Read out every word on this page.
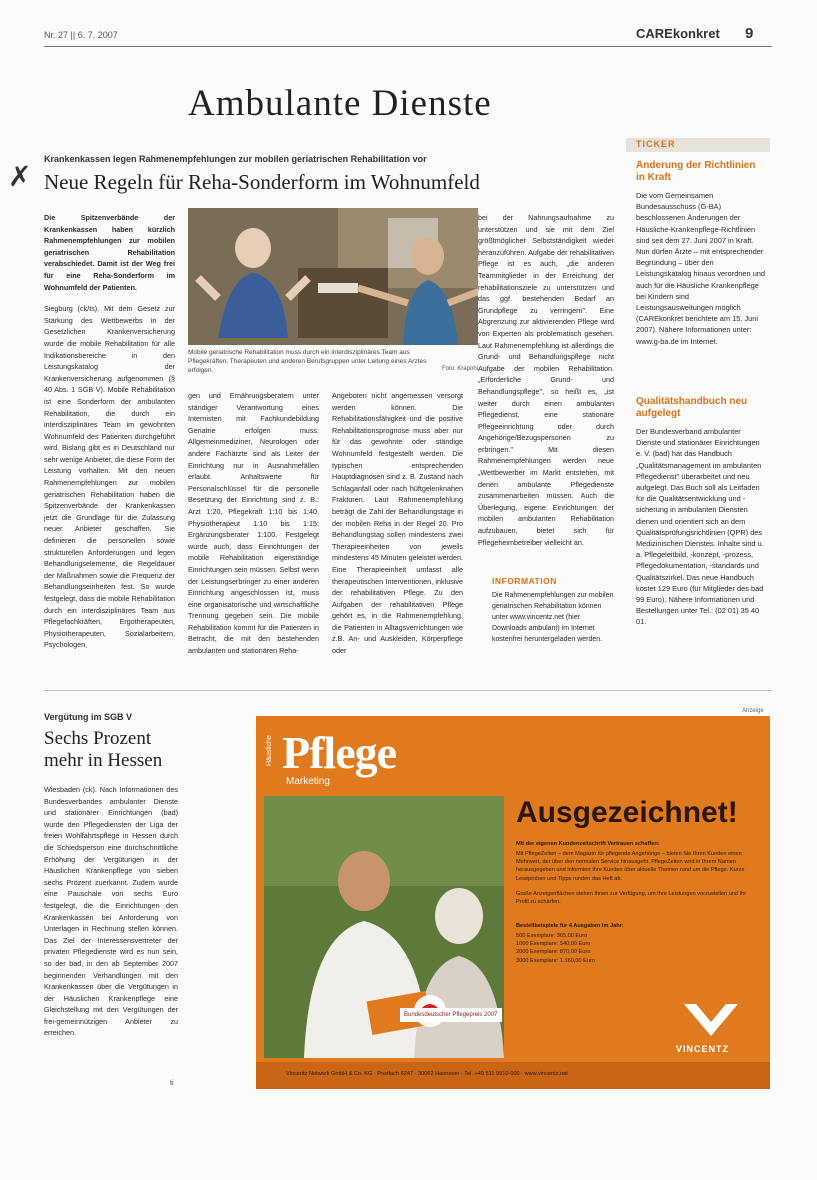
Nr. 27 || 6. 7. 2007	CAREkonkret 9
Ambulante Dienste
TICKER
Änderung der Richtlinien in Kraft
Die vom Gemeinsamen Bundesausschuss (G-BA) beschlossenen Änderungen der Häusliche-Krankenpflege-Richtlinien sind seit dem 27. Juni 2007 in Kraft. Nun dürfen Ärzte – mit entsprechender Begründung – über den Leistungskatalog hinaus verordnen und auch für die Häusliche Krankenpflege bei Kindern sind Leistungsausweitungen möglich (CAREkonkret berichtete am 15. Juni 2007). Nähere Informationen unter: www.g-ba.de im Internet.
Qualitätshandbuch neu aufgelegt
Der Bundesverband ambulanter Dienste und stationärer Einrichtungen e. V. (bad) hat das Handbuch „Qualitätsmanagement im ambulanten Pflegedienst" überarbeitet und neu aufgelegt. Das Buch soll als Leitfaden für die Qualitätsentwicklung und -sicherung in ambulanten Diensten dienen und orientiert sich an dem Qualitätsprüfungsrichtlinien (QPR) des Medizinischen Dienstes. Inhalte sind u. a. Pflegeleitbild, -konzept, -prozess, Pflegedokumentation, -standards und Qualitätszirkel. Das neue Handbuch kostet 129 Euro (für Mitglieder des bad 99 Euro). Nähere Informationen und Bestellungen unter Tel.: (02 01) 35 40 01.
✗
Krankenkassen legen Rahmenempfehlungen zur mobilen geriatrischen Rehabilitation vor
Neue Regeln für Reha-Sonderform im Wohnumfeld

Die Spitzenverbände der Krankenkassen haben kürzlich Rahmenempfehlungen zur mobilen geriatrischen Rehabilitation verabschiedet. Damit ist der Weg frei für eine Reha-Sonderform im Wohnumfeld der Patienten.

Siegburg (ck/ts). Mit dem Gesetz zur Stärkung des Wettbewerbs in der Gesetzlichen Krankenversicherung wurde die mobile Rehabilitation für alle Indikationsbereiche in den Leistungskatalog der Krankenversicherung aufgenommen (§ 40 Abs. 1 SGB V). Mobile Rehabilitation ist eine Sonderform der ambulanten Rehabilitation, die durch ein interdisziplinäres Team im gewohnten Wohnumfeld des Patienten durchgeführt wird. Bislang gibt es in Deutschland nur sehr wenige Anbieter, die diese Form der Leistung vorhalten. Mit den neuen Rahmenempfehlungen zur mobilen geriatrischen Rehabilitation haben die Spitzenverbände der Krankenkassen jetzt die Grundlage für die Zulassung neuer Anbieter geschaffen. Sie definieren die personellen sowie strukturellen Anforderungen und legen Behandlungselemente, die Regeldauer der Maßnahmen sowie die Frequenz der Behandlungseinheiten fest. So wurde festgelegt, dass die mobile Rehabilitation durch ein interdisziplinäres Team aus Pflegefachkräften, Ergotherapeuten, Physiotherapeuten, Sozialarbeitern, Psychologen,

Mobile geriatrische Rehabilitation muss durch ein interdisziplinäres Team aus Pflegekräften, Therapeuten und anderen Berufsgruppen unter Leitung eines Arztes erfolgen.	Foto: Krapohl

gen und Ernährungsberatern unter ständiger Verantwortung eines Internisten mit Fachkundebildung Geriatrie erfolgen muss. Allgemeinmediziner, Neurologen oder andere Fachärzte sind als Leiter der Einrichtung nur in Ausnahmefällen erlaubt. Anhaltswerte für Personalschlüssel für die personelle Besetzung der Einrichtung sind z. B.: Arzt 1:20, Pflegekraft 1:10 bis 1:40, Physiotherapeut 1:10 bis 1:15; Ergänzungsberater 1:100. Festgelegt wurde auch, dass Einrichtungen der mobile Rehabilitation eigenständige Einrichtungen sein müssen. Selbst wenn der Leistungserbringer zu einer anderen Einrichtung angeschlossen ist, muss eine organisatorische und wirtschaftliche Trennung gegeben sein. Die mobile Rehabilitation kommt für die Patienten in Betracht, die mit den bestehenden ambulanten und stationären Reha-

Angeboten nicht angemessen versorgt werden können. Die Rehabilitationsfähigkeit und die positive Rehabilitationsprognose muss aber nur für das gewohnte oder ständige Wohnumfeld festgestellt werden. Die typischen entsprechenden Hauptdiagnosen sind z. B. Zustand nach Schlaganfall oder nach hüftgelenknahen Frakturen. Laut Rahmenempfehlung beträgt die Zahl der Behandlungstage in der mobilen Reha in der Regel 20. Pro Behandlungstag sollen mindestens zwei Therapieeinheiten von jeweils mindestens 45 Minuten geleistet werden. Eine Therapieeinheit umfasst alle therapeutischen Interventionen, inklusive der rehabilitativen Pflege. Zu den Aufgaben der rehabilitativen Pflege gehört es, in die Rahmenempfehlung, die Patienten in Alltagsverrichtungen wie z.B. An- und Auskleiden, Körperpflege oder

bei der Nahrungsaufnahme zu unterstützen und sie mit dem Ziel größtmöglicher Selbstständigkeit wieder heranzuführen. Aufgabe der rehabilitativen Pflege ist es auch, „die anderen Teammitglieder in der Erreichung der rehabilitationsziele zu unterstützen und das ggf. bestehenden Bedarf an Grundpflege zu verringern". Eine Abgrenzung zur aktivierenden Pflege wird von Experten als problematisch gesehen. Laut Rahmenempfehlung ist allerdings die Grund- und Behandlungspflege nicht Aufgabe der mobilen Rehabilitation. „Erforderliche Grund- und Behandlungspflege", so heißt es, „ist weiter durch einen ambulanten Pflegedienst, eine stationäre Pflegeeinrichtung oder durch Angehörige/Bezugspersonen zu erbringen." Mit diesen Rahmenempfehlungen werden neue „Wettbewerber im Markt entstehen, mit denen ambulante Pflegedienste zusammenarbeiten müssen. Auch die Überlegung, eigene Einrichtungen der mobilen ambulanten Rehabilitation aufzubauen, bietet sich für Pflegeheimbetreiber vielleicht an.

INFORMATION
Die Rahmenempfehlungen zur mobilen geriatrischen Rehabilitation können unter www.vincentz.net (hier Downloads ambulant) im Internet kostenfrei heruntergeladen werden.
Vergütung im SGB V
Sechs Prozent mehr in Hessen

Wiesbaden (ck). Nach Informationen des Bundesverbandes ambulanter Dienste und stationärer Einrichtungen (bad) wurde den Pflegediensten der Liga der freien Wohlfahrtspflege in Hessen durch die Schiedsperson eine durchschnittliche Erhöhung der Vergütungen in der Häuslichen Krankenpflege von sieben sechs Prozent zuerkannt. Zudem wurde eine Pauschale von sechs Euro festgelegt, die die Einrichtungen den Krankenkassen bei Anforderung von Unterlagen in Rechnung stellen können. Das Ziel der Interessensvertreter der privaten Pflegedienste wird es nun sein, so der bad, in den ab September 2007 beginnenden Verhandlungen mit den Krankenkassen über die Vergütungen in der Häuslichen Krankenpflege eine Gleichstellung mit den Vergütungen der frei-gemeinnützigen Anbieter zu erreichen.

ti
Anzeige
Häusliche Pflege
Marketing
Bundesdeutscher Pflegepreis 2007
Ausgezeichnet!
Mit der eigenen Kundenzeitschrift Vertrauen schaffen:
Mit PflegeZeiten – dem Magazin für pflegende Angehörige – bieten Sie Ihren Kunden einen Mehrwert, der über den normalen Service hinausgeht. PflegeZeiten wird in Ihrem Namen herausgegeben und informiert Ihre Kunden über aktuelle Themen rund um die Pflege. Kurze Leseproben und Tipps runden das Heft ab.
Große Anzeigenflächen stehen Ihnen zur Verfügung, um Ihre Leistungen vorzustellen und Ihr Profil zu schärfen.
Bestellbeispiele für 4 Ausgaben im Jahr:
500 Exemplare: 365,00 Euro
1000 Exemplare: 540,00 Euro
2000 Exemplare: 870,00 Euro
3000 Exemplare: 1.160,00 Euro
VINCENTZ
Vincentz Network GmbH & Co. KG · Postfach 6247 · 30062 Hannover · Tel. +49 511 9910-000 · www.vincentz.net
